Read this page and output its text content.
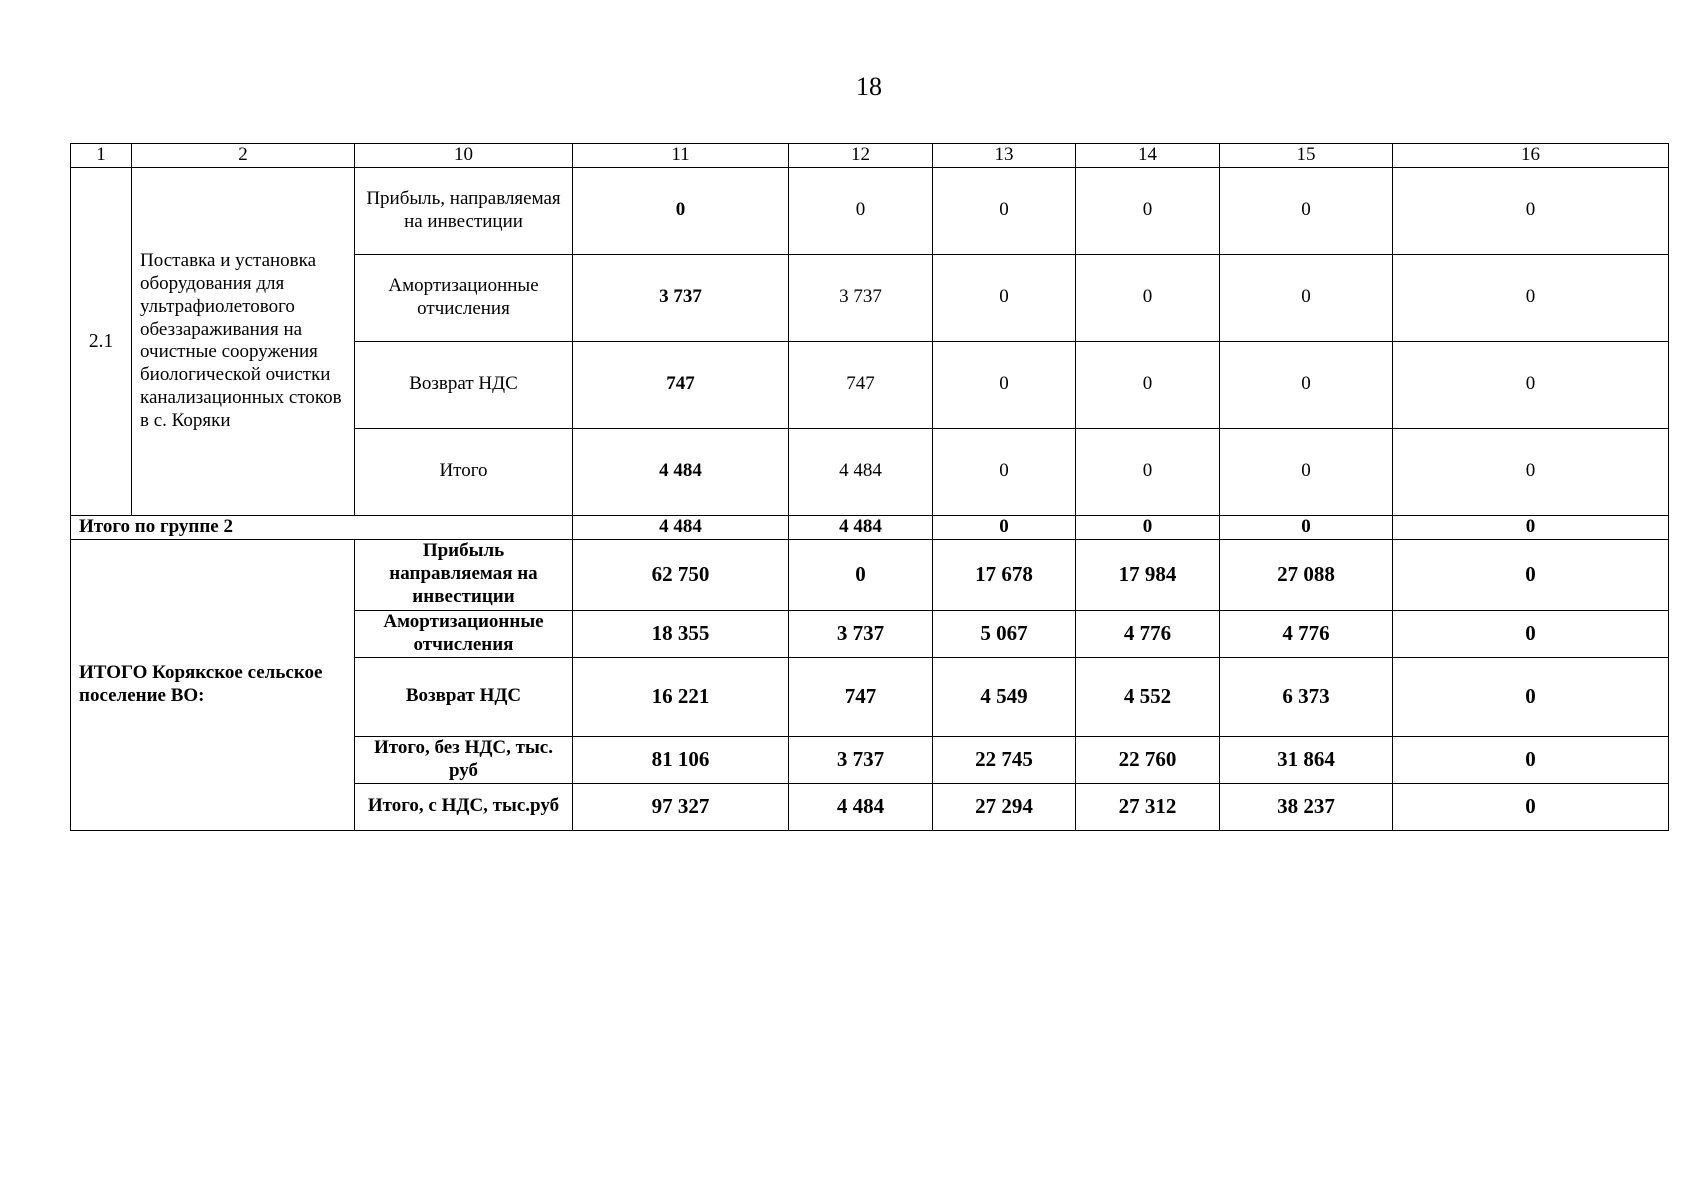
18
1	2	10	11	12	13	14	15	16
2.1	Поставка и установка оборудования для ультрафиолетового обеззараживания на очистные сооружения биологической очистки канализационных стоков в с. Коряки	Прибыль, направляемая на инвестиции	0	0	0	0	0	0
		Амортизационные отчисления	3 737	3 737	0	0	0	0
		Возврат НДС	747	747	0	0	0	0
		Итого	4 484	4 484	0	0	0	0
Итого по группе 2			4 484	4 484	0	0	0	0
ИТОГО Корякское сельское поселение ВО:		Прибыль направляемая на инвестиции	62 750	0	17 678	17 984	27 088	0
		Амортизационные отчисления	18 355	3 737	5 067	4 776	4 776	0
		Возврат НДС	16 221	747	4 549	4 552	6 373	0
		Итого, без НДС, тыс. руб	81 106	3 737	22 745	22 760	31 864	0
		Итого, с НДС, тыс.руб	97 327	4 484	27 294	27 312	38 237	0
